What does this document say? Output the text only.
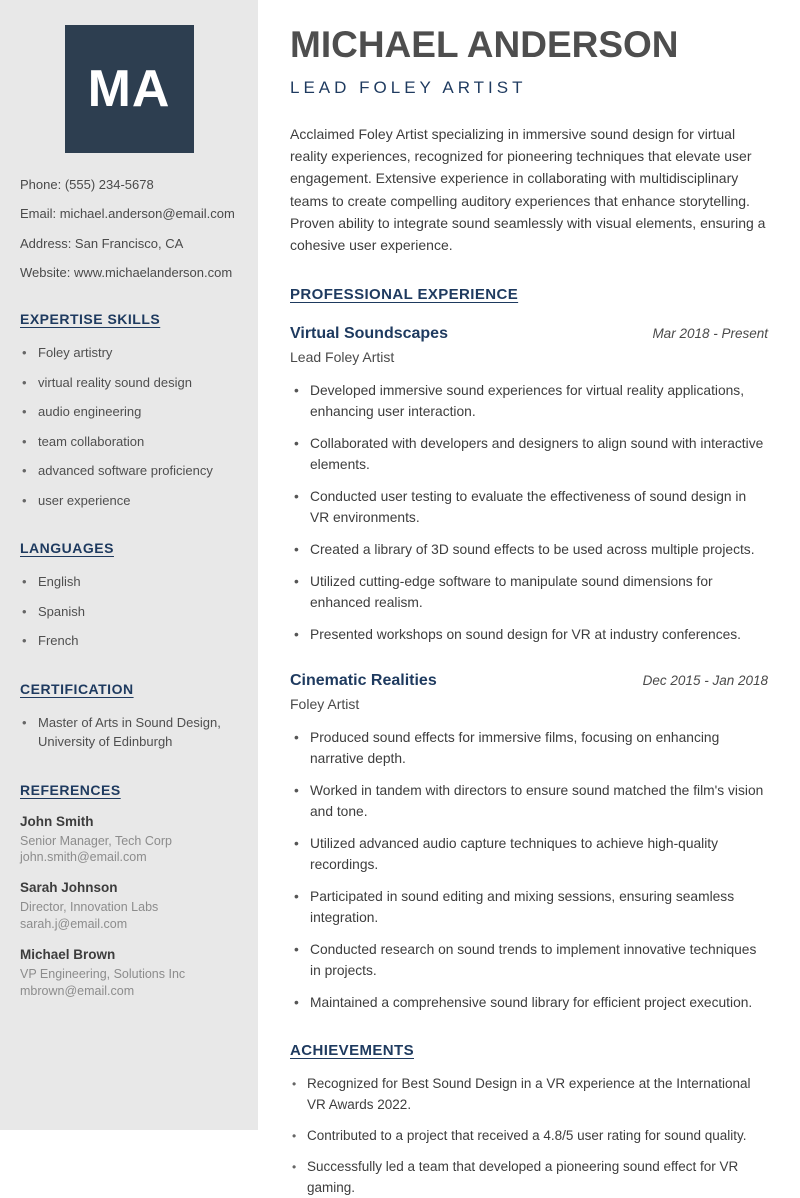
MA
Phone: (555) 234-5678
Email: michael.anderson@email.com
Address: San Francisco, CA
Website: www.michaelanderson.com
EXPERTISE SKILLS
• Foley artistry
• virtual reality sound design
• audio engineering
• team collaboration
• advanced software proficiency
• user experience
LANGUAGES
• English
• Spanish
• French
CERTIFICATION
• Master of Arts in Sound Design, University of Edinburgh
REFERENCES
John Smith
Senior Manager, Tech Corp
john.smith@email.com
Sarah Johnson
Director, Innovation Labs
sarah.j@email.com
Michael Brown
VP Engineering, Solutions Inc
mbrown@email.com
MICHAEL ANDERSON
LEAD FOLEY ARTIST

Acclaimed Foley Artist specializing in immersive sound design for virtual reality experiences, recognized for pioneering techniques that elevate user engagement. Extensive experience in collaborating with multidisciplinary teams to create compelling auditory experiences that enhance storytelling. Proven ability to integrate sound seamlessly with visual elements, ensuring a cohesive user experience.

PROFESSIONAL EXPERIENCE
Virtual Soundscapes	Mar 2018 - Present
Lead Foley Artist
• Developed immersive sound experiences for virtual reality applications, enhancing user interaction.
• Collaborated with developers and designers to align sound with interactive elements.
• Conducted user testing to evaluate the effectiveness of sound design in VR environments.
• Created a library of 3D sound effects to be used across multiple projects.
• Utilized cutting-edge software to manipulate sound dimensions for enhanced realism.
• Presented workshops on sound design for VR at industry conferences.
Cinematic Realities	Dec 2015 - Jan 2018
Foley Artist
• Produced sound effects for immersive films, focusing on enhancing narrative depth.
• Worked in tandem with directors to ensure sound matched the film's vision and tone.
• Utilized advanced audio capture techniques to achieve high-quality recordings.
• Participated in sound editing and mixing sessions, ensuring seamless integration.
• Conducted research on sound trends to implement innovative techniques in projects.
• Maintained a comprehensive sound library for efficient project execution.
ACHIEVEMENTS
• Recognized for Best Sound Design in a VR experience at the International VR Awards 2022.
• Contributed to a project that received a 4.8/5 user rating for sound quality.
• Successfully led a team that developed a pioneering sound effect for VR gaming.
